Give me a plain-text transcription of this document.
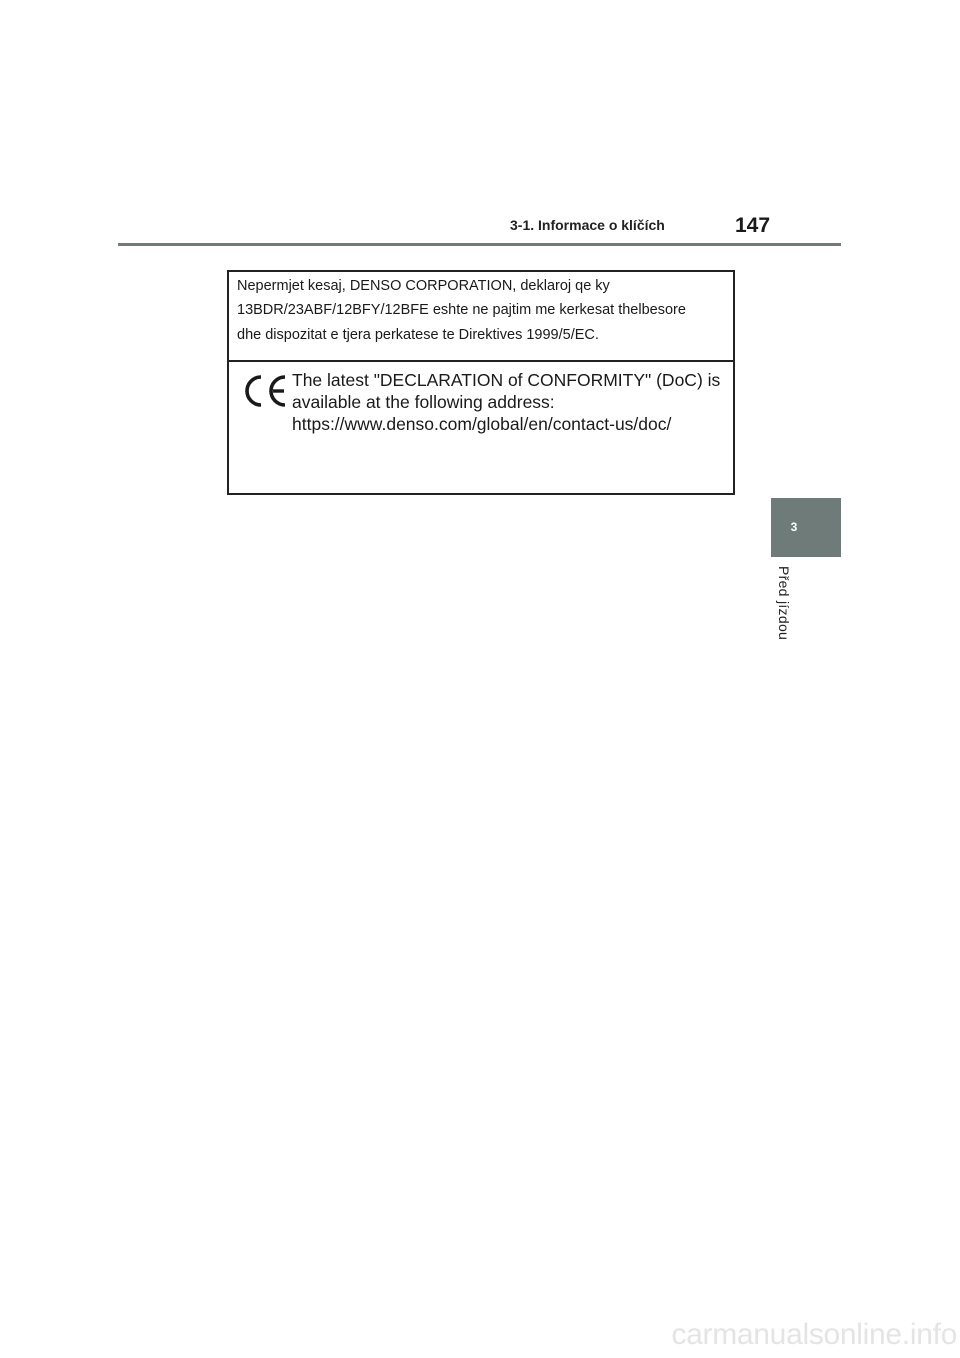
3-1. Informace o klíčích	147
Nepermjet kesaj, DENSO CORPORATION, deklaroj qe ky
13BDR/23ABF/12BFY/12BFE eshte ne pajtim me kerkesat thelbesore
dhe dispozitat e tjera perkatese te Direktives 1999/5/EC.
The latest "DECLARATION of CONFORMITY" (DoC) is
available at the following address:
https://www.denso.com/global/en/contact-us/doc/
3
Před jízdou
carmanualsonline.info
